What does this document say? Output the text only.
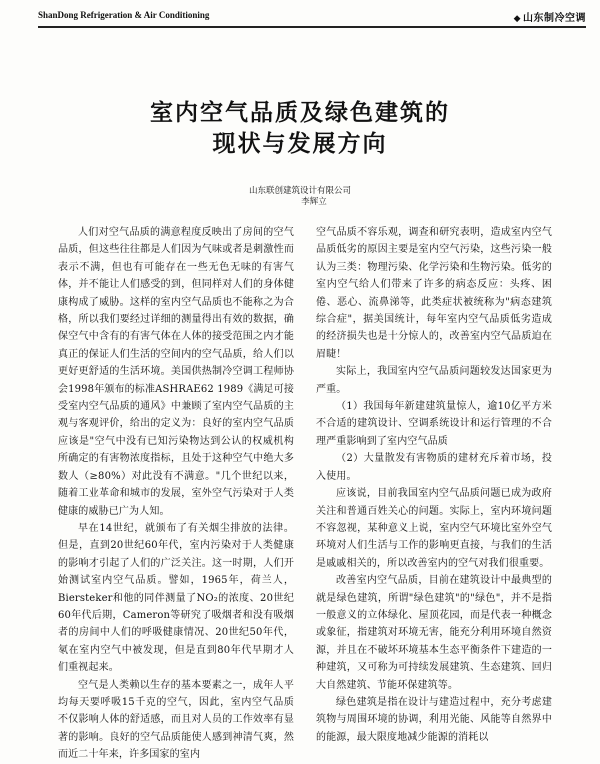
ShanDong Refrigeration & Air Conditioning	◆ 山东制冷空调
室内空气品质及绿色建筑的
现状与发展方向
山东联创建筑设计有限公司
李辉立

人们对空气品质的满意程度反映出了房间的空气品质，但这些往往都是人们因为气味或者是刺激性而表示不满，但也有可能存在一些无色无味的有害气体，并不能让人们感受的到，但同样对人们的身体健康构成了威胁。这样的室内空气品质也不能称之为合格，所以我们要经过详细的测量得出有效的数据，确保空气中含有的有害气体在人体的接受范围之内才能真正的保证人们生活的空间内的空气品质，给人们以更好更舒适的生活环境。美国供热制冷空调工程师协会1998年颁布的标准ASHRAE62 1989《满足可接受室内空气品质的通风》中兼顾了室内空气品质的主观与客观评价，给出的定义为：良好的室内空气品质应该是"空气中没有已知污染物达到公认的权威机构所确定的有害物浓度指标，且处于这种空气中绝大多数人（≥80%）对此没有不满意。"几个世纪以来，随着工业革命和城市的发展，室外空气污染对于人类健康的威胁已广为人知。

早在14世纪，就颁布了有关烟尘排放的法律。但是，直到20世纪60年代，室内污染对于人类健康的影响才引起了人们的广泛关注。这一时期，人们开始测试室内空气品质。譬如，1965年，荷兰人，Biersteker和他的同伴测量了NO₂的浓度、20世纪60年代后期，Cameron等研究了吸烟者和没有吸烟者的房间中人们的呼吸健康情况、20世纪50年代，氡在室内空气中被发现，但是直到80年代早期才人们重视起来。

空气是人类赖以生存的基本要素之一，成年人平均每天要呼吸15千克的空气，因此，室内空气品质不仅影响人体的舒适感，而且对人员的工作效率有显著的影响。良好的空气品质能使人感到神清气爽，然而近二十年来，许多国家的室内

空气品质不容乐观，调查和研究表明，造成室内空气品质低劣的原因主要是室内空气污染，这些污染一般认为三类：物理污染、化学污染和生物污染。低劣的室内空气给人们带来了许多的病态反应：头疼、困倦、恶心、流鼻涕等，此类症状被统称为"病态建筑综合症"，据美国统计，每年室内空气品质低劣造成的经济损失也是十分惊人的，改善室内空气品质迫在眉睫！

实际上，我国室内空气品质问题较发达国家更为严重。

（1）我国每年新建建筑量惊人，逾10亿平方米不合适的建筑设计、空调系统设计和运行管理的不合理严重影响到了室内空气品质

（2）大量散发有害物质的建材充斥着市场，投入使用。

应该说，目前我国室内空气品质问题已成为政府关注和普通百姓关心的问题。实际上，室内环境问题不容忽视，某种意义上说，室内空气环境比室外空气环境对人们生活与工作的影响更直接，与我们的生活是戚戚相关的，所以改善室内的空气对我们很重要。

改善室内空气品质，目前在建筑设计中最典型的就是绿色建筑，所谓"绿色建筑"的"绿色"，并不是指一般意义的立体绿化、屋顶花园，而是代表一种概念或象征，指建筑对环境无害，能充分利用环境自然资源，并且在不破坏环境基本生态平衡条件下建造的一种建筑，又可称为可持续发展建筑、生态建筑、回归大自然建筑、节能环保建筑等。

绿色建筑是指在设计与建造过程中，充分考虑建筑物与周围环境的协调，利用光能、风能等自然界中的能源，最大限度地减少能源的消耗以
